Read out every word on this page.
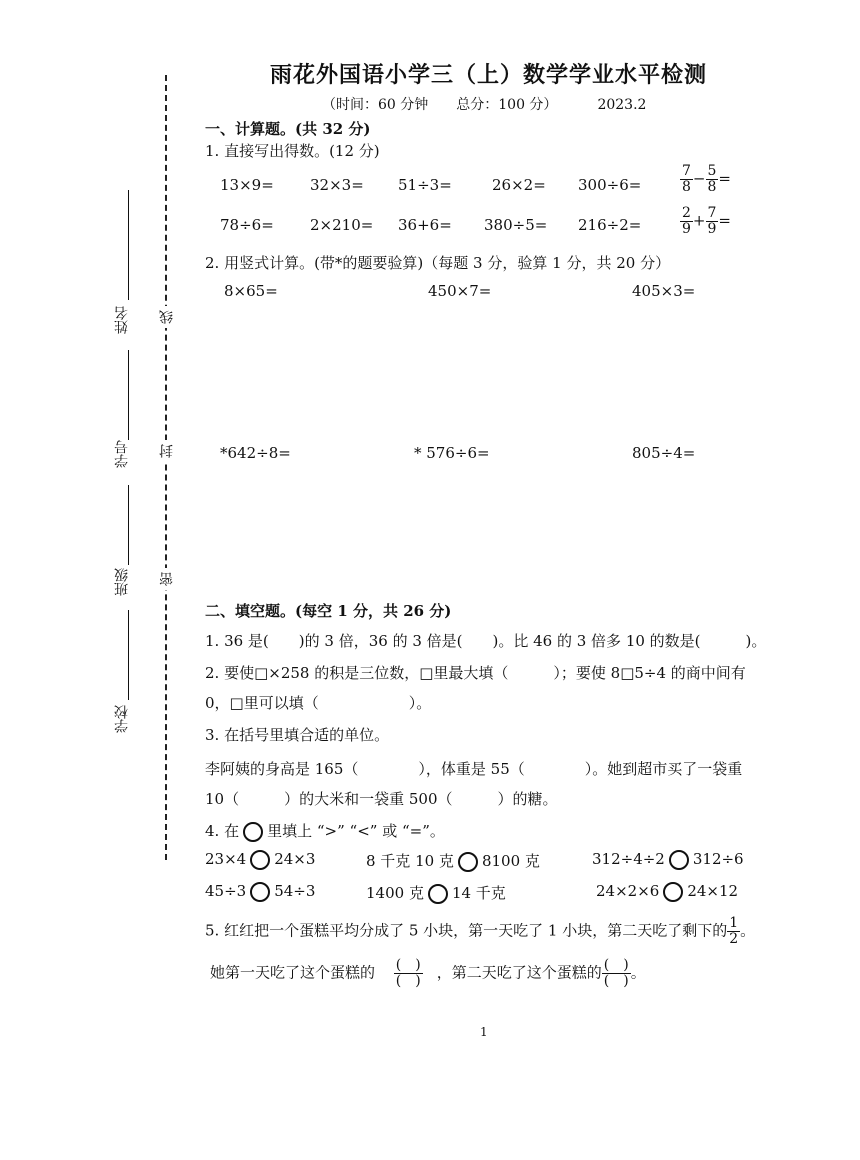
雨花外国语小学三（上）数学学业水平检测
（时间：60 分钟　　总分：100 分）	2023.2
线
封
密
姓名
学号
班级
学校
一、计算题。(共 32 分)
1. 直接写出得数。(12 分)
13×9= 32×3= 51÷3=	26×2= 300÷6=	$\frac{7}{8} - \frac{5}{8}$ =
78÷6= 2×210= 36+6= 380÷5= 216÷2=	$\frac{2}{9} + \frac{7}{9}$ =
2. 用竖式计算。(带*的题要验算)（每题 3 分，验算 1 分，共 20 分）
8×65=	450×7=	405×3=
*642÷8=	* 576÷6=	805÷4=
二、填空题。(每空 1 分，共 26 分)
1. 36 是(　　)的 3 倍，36 的 3 倍是(　　)。比 46 的 3 倍多 10 的数是(　　　)。
2. 要使□×258 的积是三位数，□里最大填（　　　）；要使 8□5÷4 的商中间有
0，□里可以填（　　　　　　）。
3. 在括号里填合适的单位。
李阿姨的身高是 165（　　　　），体重是 55（　　　　）。她到超市买了一袋重
10（　　　）的大米和一袋重 500（　　　）的糖。
4. 在 里填上 “>” “<” 或 “=”。
23×4 24×3	8 千克 10 克 8100 克	312÷4÷2 312÷6
45÷3 54÷3	1400 克 14 千克	24×2×6 24×12
5. 红红把一个蛋糕平均分成了 5 小块，第一天吃了 1 小块，第二天吃了剩下的 $\frac{1}{2}$ 。
她第一天吃了这个蛋糕的 $\frac{( )}{( )}$ ，第二天吃了这个蛋糕的 $\frac{( )}{( )}$ 。
1
